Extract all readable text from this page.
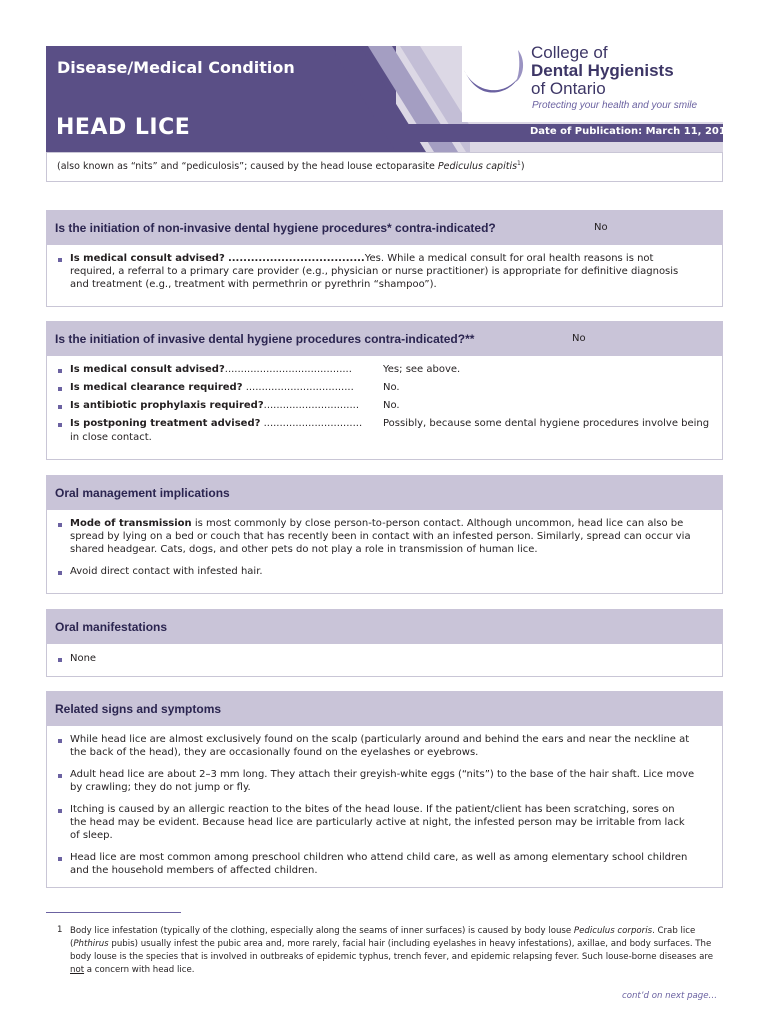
Date of Publication: March 11, 2013
Disease/Medical Condition
HEAD LICE
College of
Dental Hygienists
of Ontario
Protecting your health and your smile
(also known as “nits” and “pediculosis”; caused by the head louse ectoparasite Pediculus capitis$^1$)
Is the initiation of non-invasive dental hygiene procedures* contra-indicated?	No
Is medical consult advised? ....................................Yes. While a medical consult for oral health reasons is not
required, a referral to a primary care provider (e.g., physician or nurse practitioner) is appropriate for definitive diagnosis
and treatment (e.g., treatment with permethrin or pyrethrin “shampoo”).
Is the initiation of invasive dental hygiene procedures contra-indicated?**	No
Is medical consult advised?........................................	Yes; see above.
Is medical clearance required? ..................................	No.
Is antibiotic prophylaxis required?.............................. No.
Is postponing treatment advised? ............................... Possibly, because some dental hygiene procedures involve being
in close contact.
Oral management implications
Mode of transmission is most commonly by close person-to-person contact. Although uncommon, head lice can also be
spread by lying on a bed or couch that has recently been in contact with an infested person. Similarly, spread can occur via
shared headgear. Cats, dogs, and other pets do not play a role in transmission of human lice.
Avoid direct contact with infested hair.
Oral manifestations
None
Related signs and symptoms
While head lice are almost exclusively found on the scalp (particularly around and behind the ears and near the neckline at
the back of the head), they are occasionally found on the eyelashes or eyebrows.
Adult head lice are about 2–3 mm long. They attach their greyish-white eggs (“nits”) to the base of the hair shaft. Lice move
by crawling; they do not jump or fly.
Itching is caused by an allergic reaction to the bites of the head louse. If the patient/client has been scratching, sores on
the head may be evident. Because head lice are particularly active at night, the infested person may be irritable from lack
of sleep.
Head lice are most common among preschool children who attend child care, as well as among elementary school children
and the household members of affected children.
1 Body lice infestation (typically of the clothing, especially along the seams of inner surfaces) is caused by body louse Pediculus corporis. Crab lice (Phthirus pubis) usually infest the pubic area and, more rarely, facial hair (including eyelashes in heavy infestations), axillae, and body surfaces. The body louse is the species that is involved in outbreaks of epidemic typhus, trench fever, and epidemic relapsing fever. Such louse-borne diseases are not a concern with head lice.
cont’d on next page…
